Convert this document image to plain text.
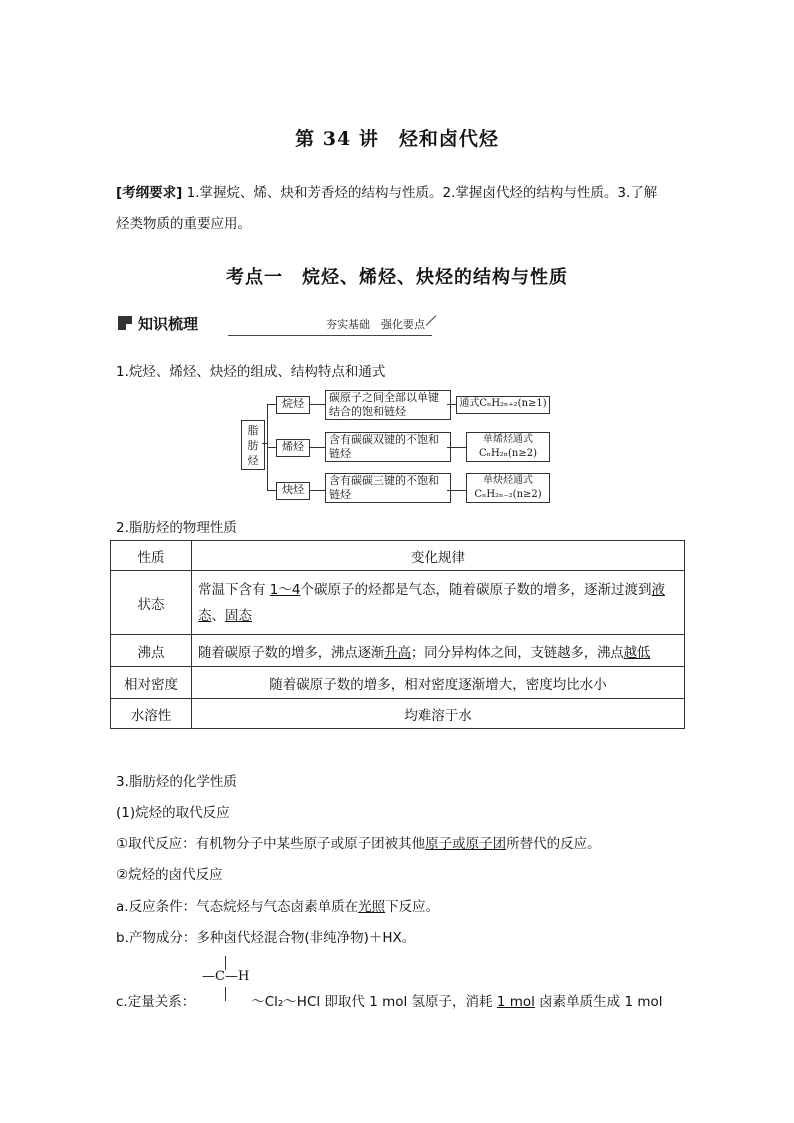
第 34 讲　烃和卤代烃
[考纲要求] 1.掌握烷、烯、炔和芳香烃的结构与性质。2.掌握卤代烃的结构与性质。3.了解
烃类物质的重要应用。
考点一　烷烃、烯烃、炔烃的结构与性质
知识梳理	夯实基础　强化要点
1.烷烃、烯烃、炔烃的组成、结构特点和通式
脂肪烃
烷烃	碳原子之间全部以单键
结合的饱和链烃
通式CₙH₂ₙ₊₂(n≥1)
烯烃
含有碳碳双键的不饱和
链烃
单烯烃通式
CₙH₂ₙ(n≥2)
炔烃
含有碳碳三键的不饱和
链烃
单炔烃通式
CₙH₂ₙ₋₂(n≥2)
2.脂肪烃的物理性质
性质	变化规律
状态	常温下含有 1～4个碳原子的烃都是气态，随着碳原子数的增多，逐渐过渡到液
态、固态
沸点	随着碳原子数的增多，沸点逐渐升高；同分异构体之间，支链越多，沸点越低
相对密度	随着碳原子数的增多，相对密度逐渐增大，密度均比水小
水溶性	均难溶于水
3.脂肪烃的化学性质
(1)烷烃的取代反应
①取代反应：有机物分子中某些原子或原子团被其他原子或原子团所替代的反应。
②烷烃的卤代反应
a.反应条件：气态烷烃与气态卤素单质在光照下反应。
b.产物成分：多种卤代烃混合物(非纯净物)＋HX。
—C—H
c.定量关系：	～Cl₂～HCl 即取代 1 mol 氢原子，消耗 1 mol 卤素单质生成 1 mol
